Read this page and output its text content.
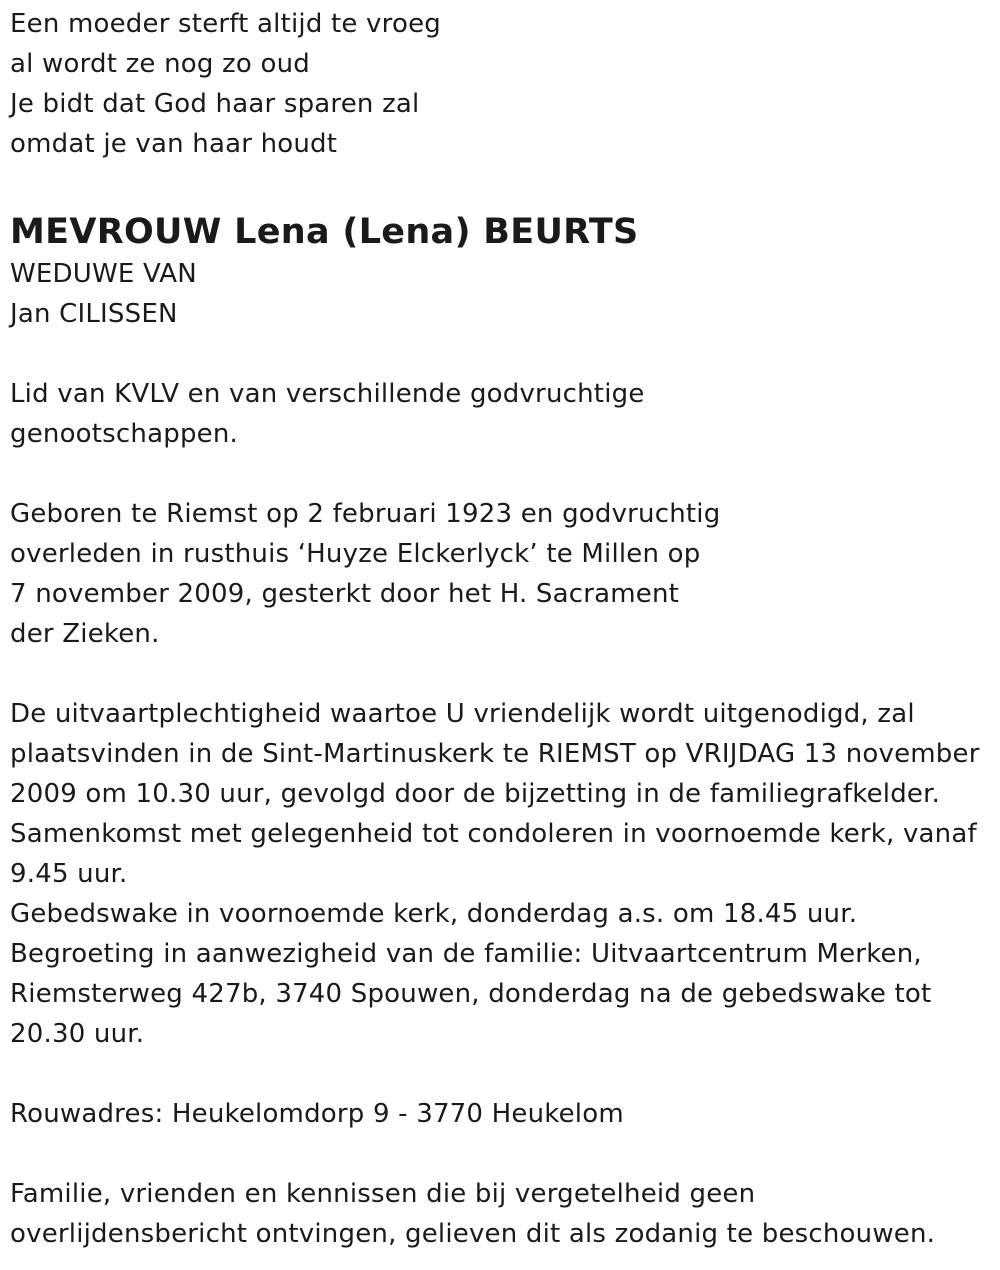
Een moeder sterft altijd te vroeg
al wordt ze nog zo oud
Je bidt dat God haar sparen zal
omdat je van haar houdt
MEVROUW Lena (Lena) BEURTS
WEDUWE VAN
Jan CILISSEN
Lid van KVLV en van verschillende godvruchtige
genootschappen.
Geboren te Riemst op 2 februari 1923 en godvruchtig
overleden in rusthuis ‘Huyze Elckerlyck’ te Millen op
7 november 2009, gesterkt door het H. Sacrament
der Zieken.
De uitvaartplechtigheid waartoe U vriendelijk wordt uitgenodigd, zal
plaatsvinden in de Sint-Martinuskerk te RIEMST op VRIJDAG 13 november
2009 om 10.30 uur, gevolgd door de bijzetting in de familiegrafkelder.
Samenkomst met gelegenheid tot condoleren in voornoemde kerk, vanaf
9.45 uur.
Gebedswake in voornoemde kerk, donderdag a.s. om 18.45 uur.
Begroeting in aanwezigheid van de familie: Uitvaartcentrum Merken,
Riemsterweg 427b, 3740 Spouwen, donderdag na de gebedswake tot
20.30 uur.
Rouwadres: Heukelomdorp 9 - 3770 Heukelom
Familie, vrienden en kennissen die bij vergetelheid geen
overlijdensbericht ontvingen, gelieven dit als zodanig te beschouwen.
